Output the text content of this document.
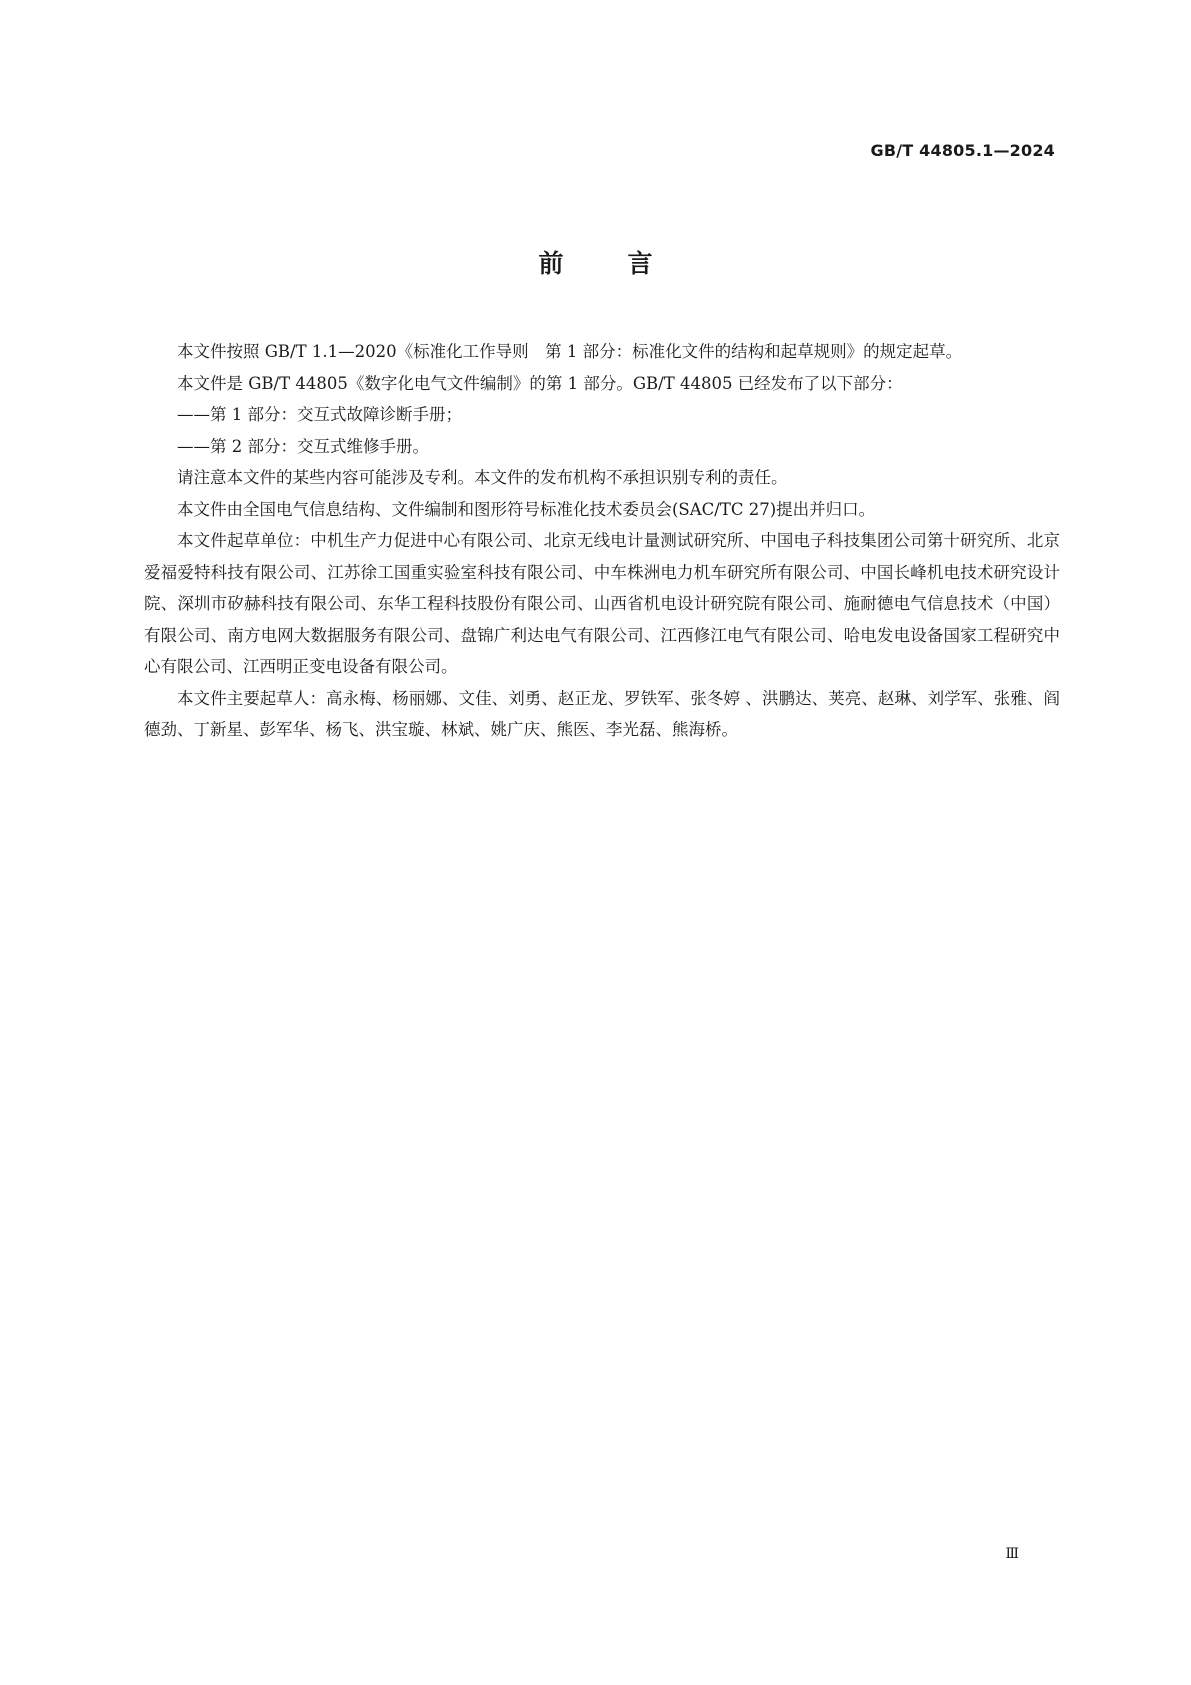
GB/T 44805.1—2024
前	言

本文件按照 GB/T 1.1—2020《标准化工作导则　第 1 部分：标准化文件的结构和起草规则》的规定起草。

本文件是 GB/T 44805《数字化电气文件编制》的第 1 部分。GB/T 44805 已经发布了以下部分：

——第 1 部分：交互式故障诊断手册；

——第 2 部分：交互式维修手册。

请注意本文件的某些内容可能涉及专利。本文件的发布机构不承担识别专利的责任。

本文件由全国电气信息结构、文件编制和图形符号标准化技术委员会(SAC/TC 27)提出并归口。

本文件起草单位：中机生产力促进中心有限公司、北京无线电计量测试研究所、中国电子科技集团公司第十研究所、北京爱福爱特科技有限公司、江苏徐工国重实验室科技有限公司、中车株洲电力机车研究所有限公司、中国长峰机电技术研究设计院、深圳市矽赫科技有限公司、东华工程科技股份有限公司、山西省机电设计研究院有限公司、施耐德电气信息技术（中国）有限公司、南方电网大数据服务有限公司、盘锦广利达电气有限公司、江西修江电气有限公司、哈电发电设备国家工程研究中心有限公司、江西明正变电设备有限公司。

本文件主要起草人：高永梅、杨丽娜、文佳、刘勇、赵正龙、罗铁军、张冬婷 、洪鹏达、荚亮、赵琳、刘学军、张雅、阎德劲、丁新星、彭军华、杨飞、洪宝璇、林斌、姚广庆、熊医、李光磊、熊海桥。

Ⅲ
